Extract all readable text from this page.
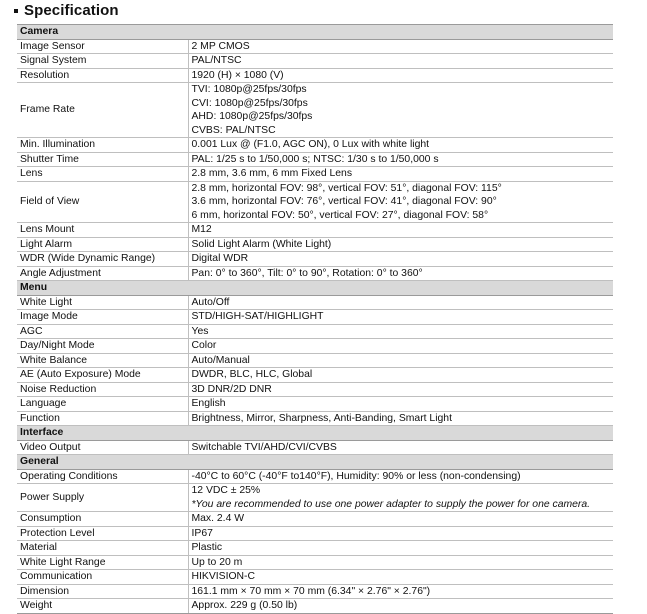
Specification
Camera	
Image Sensor	2 MP CMOS

Signal System	PAL/NTSC

Resolution	1920 (H) × 1080 (V)

Frame Rate	TVI: 1080p@25fps/30fps
CVI: 1080p@25fps/30fps
AHD: 1080p@25fps/30fps
CVBS: PAL/NTSC

Min. Illumination	0.001 Lux @ (F1.0, AGC ON), 0 Lux with white light

Shutter Time	PAL: 1/25 s to 1/50,000 s; NTSC: 1/30 s to 1/50,000 s

Lens	2.8 mm, 3.6 mm, 6 mm Fixed Lens

Field of View	2.8 mm, horizontal FOV: 98°, vertical FOV: 51°, diagonal FOV: 115°
3.6 mm, horizontal FOV: 76°, vertical FOV: 41°, diagonal FOV: 90°
6 mm, horizontal FOV: 50°, vertical FOV: 27°, diagonal FOV: 58°

Lens Mount	M12

Light Alarm	Solid Light Alarm (White Light)

WDR (Wide Dynamic Range)	Digital WDR

Angle Adjustment	Pan: 0° to 360°, Tilt: 0° to 90°, Rotation: 0° to 360°

Menu	
White Light	Auto/Off

Image Mode	STD/HIGH-SAT/HIGHLIGHT

AGC	Yes

Day/Night Mode	Color

White Balance	Auto/Manual

AE (Auto Exposure) Mode	DWDR, BLC, HLC, Global

Noise Reduction	3D DNR/2D DNR

Language	English

Function	Brightness, Mirror, Sharpness, Anti-Banding, Smart Light

Interface	
Video Output	Switchable TVI/AHD/CVI/CVBS

General	
Operating Conditions	-40°C to 60°C (-40°F to140°F), Humidity: 90% or less (non-condensing)

Power Supply	12 VDC ± 25%
*You are recommended to use one power adapter to supply the power for one camera.

Consumption	Max. 2.4 W

Protection Level	IP67

Material	Plastic

White Light Range	Up to 20 m

Communication	HIKVISION-C

Dimension	161.1 mm × 70 mm × 70 mm (6.34" × 2.76" × 2.76")

Weight	Approx. 229 g (0.50 lb)
